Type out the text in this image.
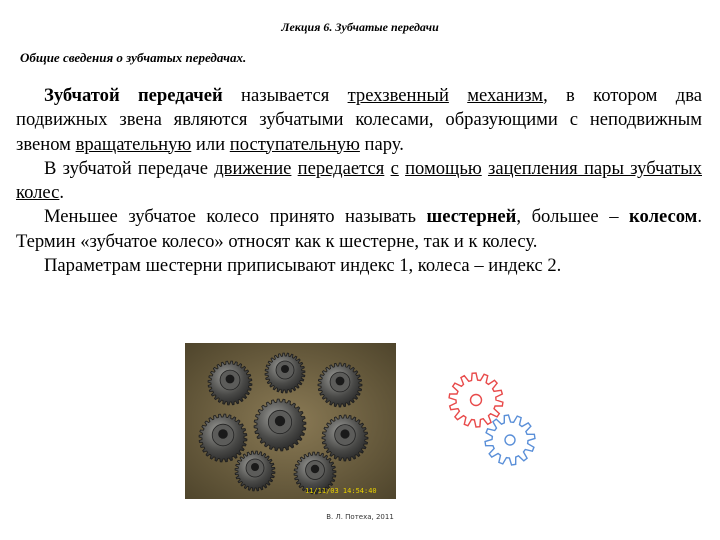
Лекция 6. Зубчатые передачи
Общие сведения о зубчатых передачах.

Зубчатой передачей называется трехзвенный механизм, в котором два подвижных звена являются зубчатыми колесами, образующими с неподвижным звеном вращательную или поступательную пару.

В зубчатой передаче движение передается с помощью зацепления пары зубчатых колес.

Меньшее зубчатое колесо принято называть шестерней, большее – колесом. Термин «зубчатое колесо» относят как к шестерне, так и к колесу.

Параметрам шестерни приписывают индекс 1, колеса – индекс 2.

11/11/03 14:54:40
В. Л. Потеха, 2011
